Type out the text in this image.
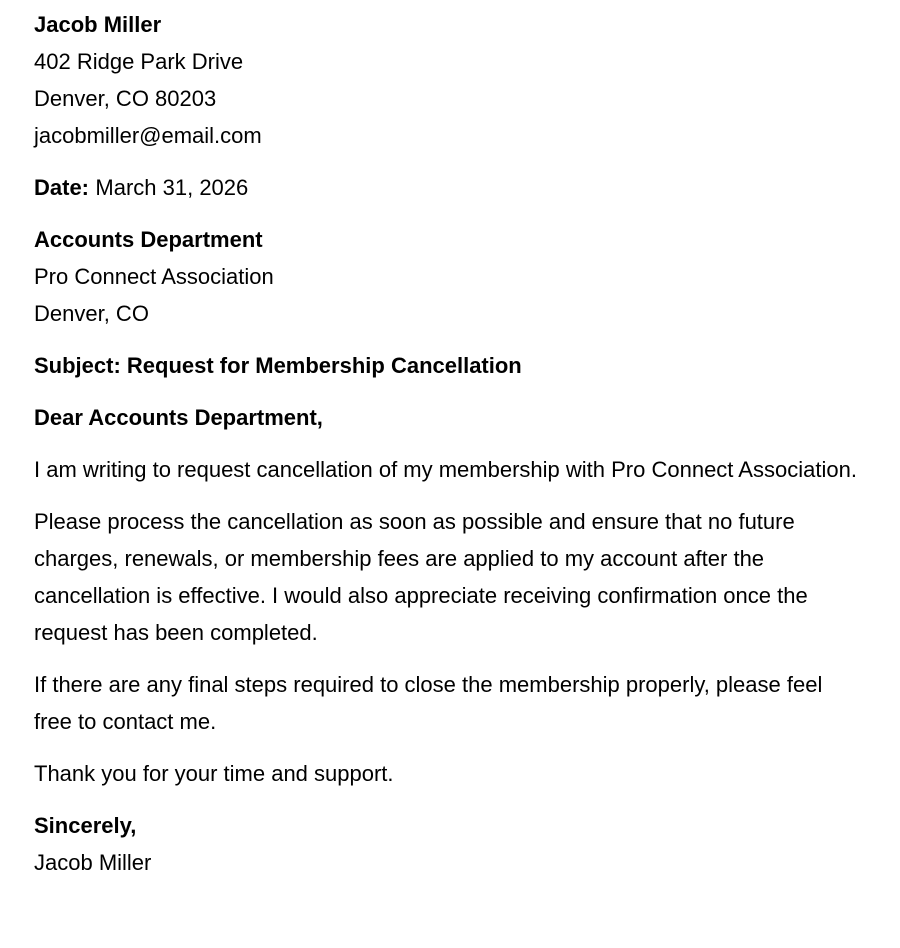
Jacob Miller

402 Ridge Park Drive

Denver, CO 80203

jacobmiller@email.com

Date: March 31, 2026

Accounts Department

Pro Connect Association

Denver, CO

Subject: Request for Membership Cancellation
Dear Accounts Department,
I am writing to request cancellation of my membership with Pro Connect Association.
Please process the cancellation as soon as possible and ensure that no future charges, renewals, or membership fees are applied to my account after the cancellation is effective. I would also appreciate receiving confirmation once the request has been completed.
If there are any final steps required to close the membership properly, please feel free to contact me.
Thank you for your time and support.

Sincerely,

Jacob Miller
